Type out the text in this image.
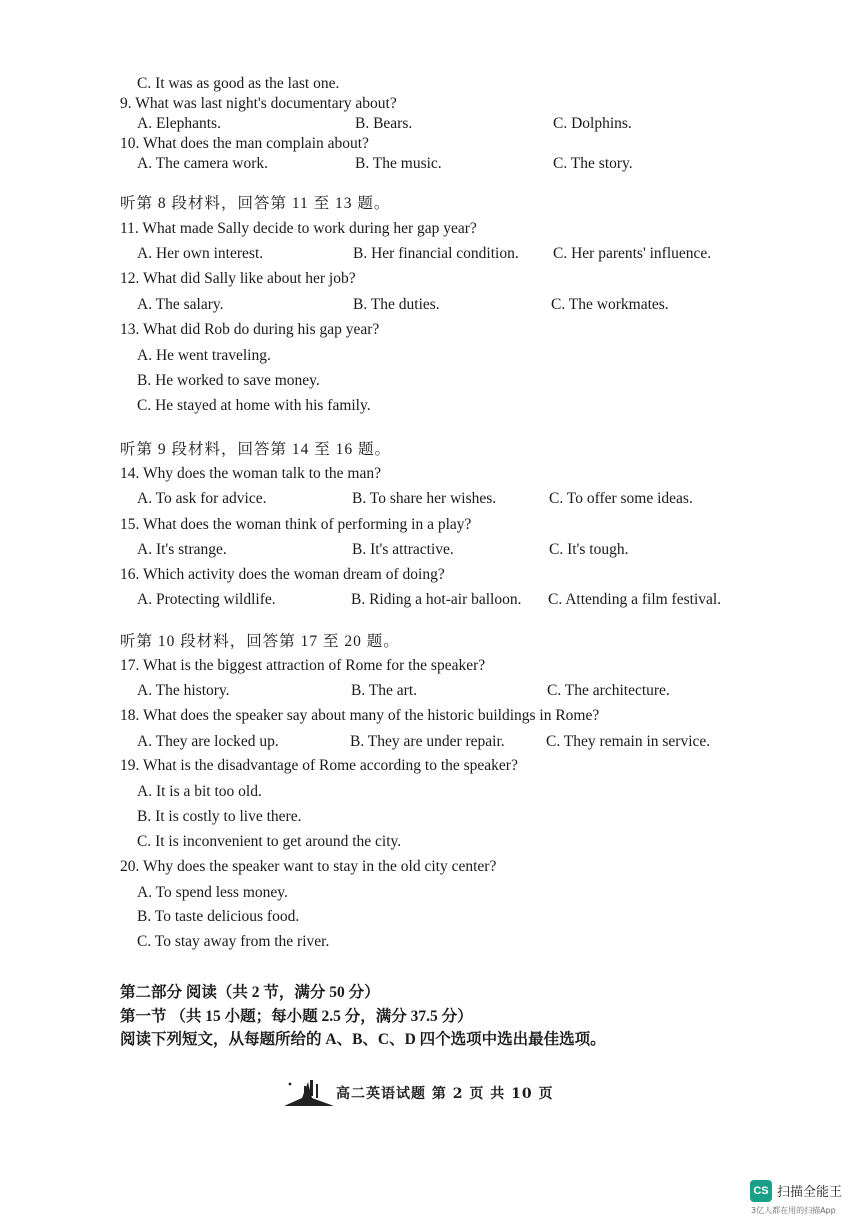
C. It was as good as the last one.
9. What was last night's documentary about?
A. Elephants.	B. Bears.	C. Dolphins.
10. What does the man complain about?
A. The camera work.	B. The music.	C. The story.
听第 8 段材料，回答第 11 至 13 题。
11. What made Sally decide to work during her gap year?
A. Her own interest.	B. Her financial condition. C. Her parents' influence.
12. What did Sally like about her job?
A. The salary.	B. The duties.	C. The workmates.
13. What did Rob do during his gap year?
A. He went traveling.
B. He worked to save money.
C. He stayed at home with his family.
听第 9 段材料，回答第 14 至 16 题。
14. Why does the woman talk to the man?
A. To ask for advice.	B. To share her wishes.	C. To offer some ideas.
15. What does the woman think of performing in a play?
A. It's strange.	B. It's attractive.	C. It's tough.
16. Which activity does the woman dream of doing?
A. Protecting wildlife.	B. Riding a hot-air balloon. C. Attending a film festival.
听第 10 段材料，回答第 17 至 20 题。
17. What is the biggest attraction of Rome for the speaker?
A. The history.	B. The art.	C. The architecture.
18. What does the speaker say about many of the historic buildings in Rome?
A. They are locked up.	B. They are under repair.	C. They remain in service.
19. What is the disadvantage of Rome according to the speaker?
A. It is a bit too old.
B. It is costly to live there.
C. It is inconvenient to get around the city.
20. Why does the speaker want to stay in the old city center?
A. To spend less money.
B. To taste delicious food.
C. To stay away from the river.
第二部分 阅读（共 2 节，满分 50 分）
第一节 （共 15 小题；每小题 2.5 分，满分 37.5 分）
阅读下列短文，从每题所给的 A、B、C、D 四个选项中选出最佳选项。
高二英语试题 第 2 页 共 10 页
CS 扫描全能王
3亿人都在用的扫描App
